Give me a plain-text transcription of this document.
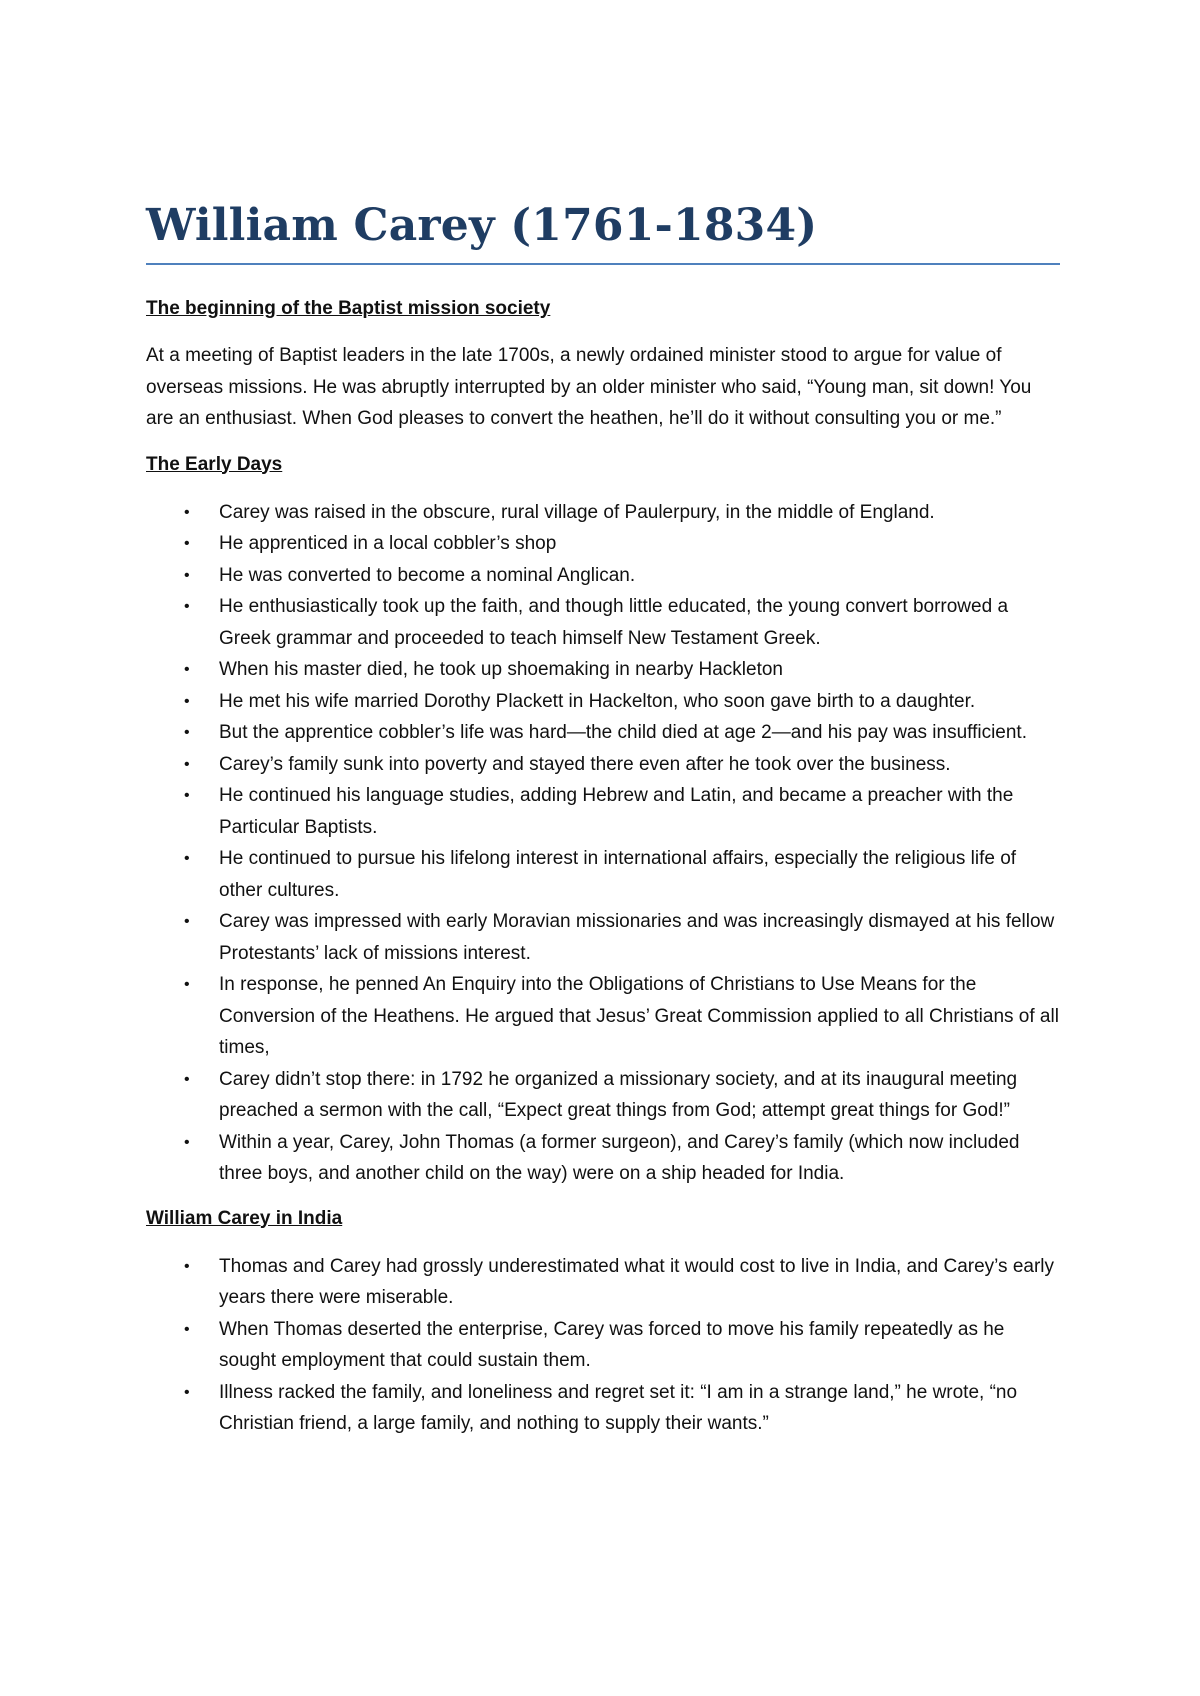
William Carey (1761-1834)

The beginning of the Baptist mission society

At a meeting of Baptist leaders in the late 1700s, a newly ordained minister stood to argue for value of overseas missions. He was abruptly interrupted by an older minister who said, “Young man, sit down! You are an enthusiast. When God pleases to convert the heathen, he’ll do it without consulting you or me.”

The Early Days

• Carey was raised in the obscure, rural village of Paulerpury, in the middle of England.
• He apprenticed in a local cobbler’s shop
• He was converted to become a nominal Anglican.
• He enthusiastically took up the faith, and though little educated, the young convert borrowed a Greek grammar and proceeded to teach himself New Testament Greek.
• When his master died, he took up shoemaking in nearby Hackleton
• He met his wife married Dorothy Plackett in Hackelton, who soon gave birth to a daughter.
• But the apprentice cobbler’s life was hard—the child died at age 2—and his pay was insufficient.
• Carey’s family sunk into poverty and stayed there even after he took over the business.
• He continued his language studies, adding Hebrew and Latin, and became a preacher with the Particular Baptists.
• He continued to pursue his lifelong interest in international affairs, especially the religious life of other cultures.
• Carey was impressed with early Moravian missionaries and was increasingly dismayed at his fellow Protestants’ lack of missions interest.
• In response, he penned An Enquiry into the Obligations of Christians to Use Means for the Conversion of the Heathens. He argued that Jesus’ Great Commission applied to all Christians of all times,
• Carey didn’t stop there: in 1792 he organized a missionary society, and at its inaugural meeting preached a sermon with the call, “Expect great things from God; attempt great things for God!”
• Within a year, Carey, John Thomas (a former surgeon), and Carey’s family (which now included three boys, and another child on the way) were on a ship headed for India.

William Carey in India

• Thomas and Carey had grossly underestimated what it would cost to live in India, and Carey’s early years there were miserable.
• When Thomas deserted the enterprise, Carey was forced to move his family repeatedly as he sought employment that could sustain them.
• Illness racked the family, and loneliness and regret set it: “I am in a strange land,” he wrote, “no Christian friend, a large family, and nothing to supply their wants.”
